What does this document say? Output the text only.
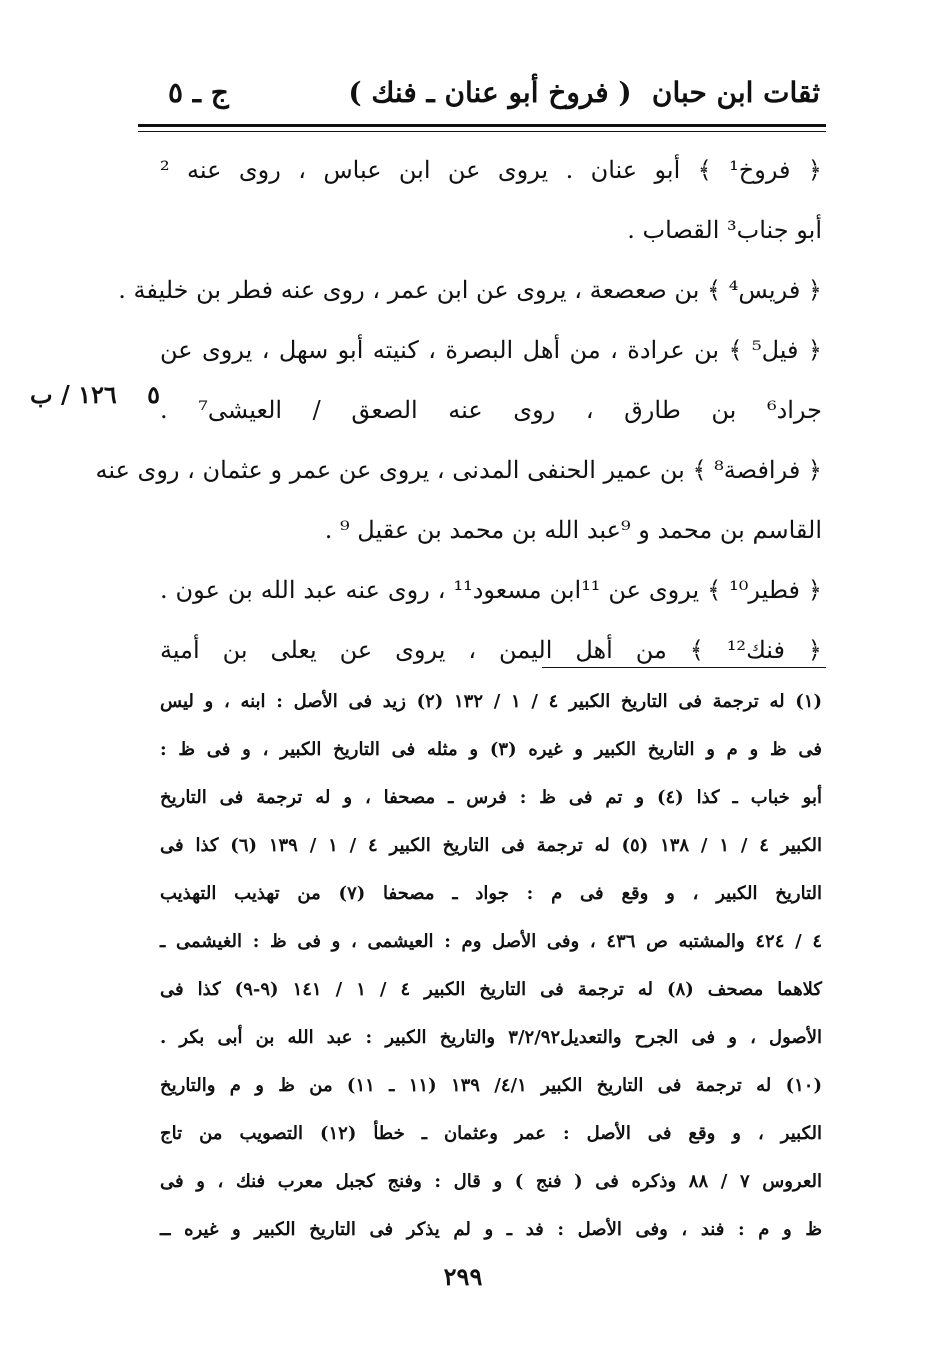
ثقات ابن حبان
( فروخ أبو عنان ـ فنك )
ج ـ ٥
١٢٦ / ب ٥
﴿ فروخ¹ ﴾ أبو عنان . يروى عن ابن عباس ، روى عنه ²
أبو جناب³ القصاب .
﴿ فريس⁴ ﴾ بن صعصعة ، يروى عن ابن عمر ، روى عنه فطر بن خليفة .
﴿ فيل⁵ ﴾ بن عرادة ، من أهل البصرة ، كنيته أبو سهل ، يروى عن
جراد⁶ بن طارق ، روى عنه الصعق / العيشى⁷ .
﴿ فرافصة⁸ ﴾ بن عمير الحنفى المدنى ، يروى عن عمر و عثمان ، روى عنه
القاسم بن محمد و ⁹عبد الله بن محمد بن عقيل ⁹ .
﴿ فطير¹⁰ ﴾ يروى عن ¹¹ابن مسعود¹¹ ، روى عنه عبد الله بن عون .
﴿ فنك¹² ﴾ من أهل اليمن ، يروى عن يعلى بن أمية
(١) له ترجمة فى التاريخ الكبير ٤ / ١ / ١٣٢ (٢) زيد فى الأصل : ابنه ، و ليس
فى ظ و م و التاريخ الكبير و غيره (٣) و مثله فى التاريخ الكبير ، و فى ظ :
أبو خباب ـ كذا (٤) و تم فى ظ : فرس ـ مصحفا ، و له ترجمة فى التاريخ
الكبير ٤ / ١ / ١٣٨ (٥) له ترجمة فى التاريخ الكبير ٤ / ١ / ١٣٩ (٦) كذا فى
التاريخ الكبير ، و وقع فى م : جواد ـ مصحفا (٧) من تهذيب التهذيب
٤ / ٤٢٤ والمشتبه ص ٤٣٦ ، وفى الأصل وم : العيشمى ، و فى ظ : الغيشمى ـ
كلاهما مصحف (٨) له ترجمة فى التاريخ الكبير ٤ / ١ / ١٤١ (٩-٩) كذا فى
الأصول ، و فى الجرح والتعديل٣/٢/٩٢ والتاريخ الكبير : عبد الله بن أبى بكر .
(١٠) له ترجمة فى التاريخ الكبير ٤/١/ ١٣٩ (١١ ـ ١١) من ظ و م والتاريخ
الكبير ، و وقع فى الأصل : عمر وعثمان ـ خطأ (١٢) التصويب من تاج
العروس ٧ / ٨٨ وذكره فى ( فنج ) و قال : وفنج كجبل معرب فنك ، و فى
ظ و م : فند ، وفى الأصل : فد ـ و لم يذكر فى التاريخ الكبير و غيره ــ
٢٩٩
